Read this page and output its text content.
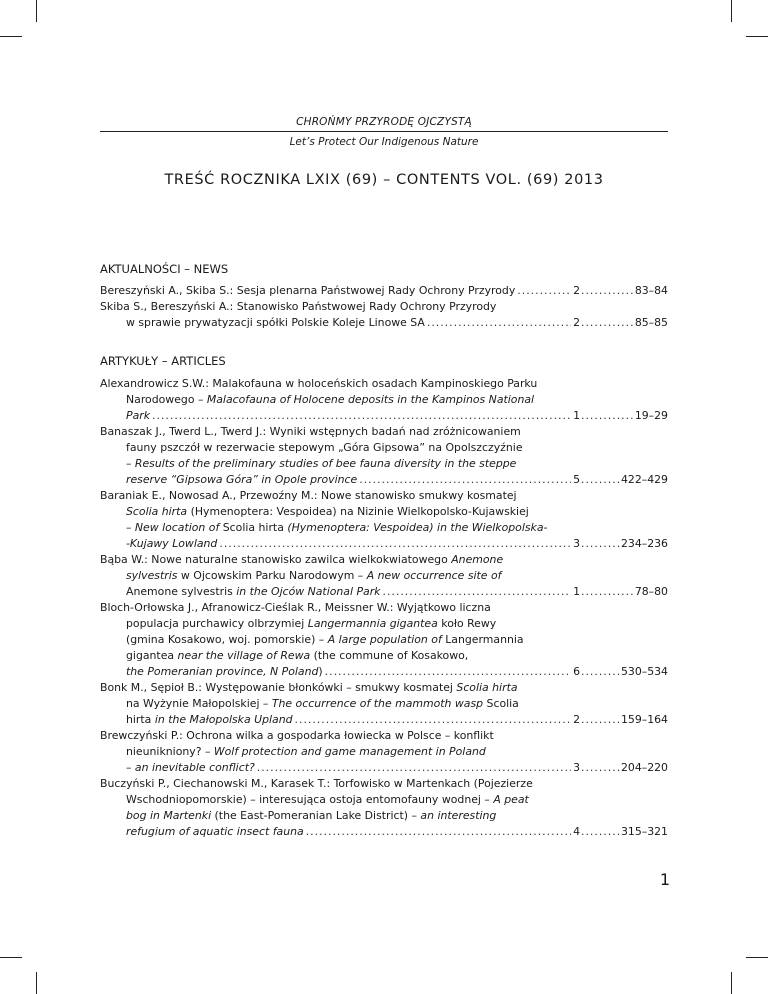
CHROŃMY PRZYRODĘ OJCZYSTĄ
Let’s Protect Our Indigenous Nature
TREŚĆ ROCZNIKA LXIX (69) – CONTENTS VOL. (69) 2013
AKTUALNOŚCI – NEWS
Bereszyński A., Skiba S.: Sesja plenarna Państwowej Rady Ochrony Przyrody .....	2 .....	83–84
Skiba S., Bereszyński A.: Stanowisko Państwowej Rady Ochrony Przyrody
w sprawie prywatyzacji spółki Polskie Koleje Linowe SA .....	2 .....	85–85
ARTYKUŁY – ARTICLES
Alexandrowicz S.W.: Malakofauna w holoceńskich osadach Kampinoskiego Parku
Narodowego – Malacofauna of Holocene deposits in the Kampinos National
Park .....	1 .....	19–29
Banaszak J., Twerd L., Twerd J.: Wyniki wstępnych badań nad zróżnicowaniem
fauny pszczół w rezerwacie stepowym „Góra Gipsowa” na Opolszczyźnie
– Results of the preliminary studies of bee fauna diversity in the steppe
reserve “Gipsowa Góra” in Opole province .....	5 .....	422–429
Baraniak E., Nowosad A., Przewoźny M.: Nowe stanowisko smukwy kosmatej
Scolia hirta (Hymenoptera: Vespoidea) na Nizinie Wielkopolsko-Kujawskiej
– New location of Scolia hirta (Hymenoptera: Vespoidea) in the Wielkopolska-
-Kujawy Lowland .....	3 .....	234–236
Bąba W.: Nowe naturalne stanowisko zawilca wielkokwiatowego Anemone
sylvestris w Ojcowskim Parku Narodowym – A new occurrence site of
Anemone sylvestris in the Ojców National Park .....	1 .....	78–80
Bloch-Orłowska J., Afranowicz-Cieślak R., Meissner W.: Wyjątkowo liczna
populacja purchawicy olbrzymiej Langermannia gigantea koło Rewy
(gmina Kosakowo, woj. pomorskie) – A large population of Langermannia
gigantea near the village of Rewa (the commune of Kosakowo,
the Pomeranian province, N Poland) .....	6 .....	530–534
Bonk M., Sępioł B.: Występowanie błonkówki – smukwy kosmatej Scolia hirta
na Wyżynie Małopolskiej – The occurrence of the mammoth wasp Scolia
hirta in the Małopolska Upland .....	2 .....	159–164
Brewczyński P.: Ochrona wilka a gospodarka łowiecka w Polsce – konflikt
nieunikniony? – Wolf protection and game management in Poland
– an inevitable conflict? .....	3 .....	204–220
Buczyński P., Ciechanowski M., Karasek T.: Torfowisko w Martenkach (Pojezierze
Wschodniopomorskie) – interesująca ostoja entomofauny wodnej – A peat
bog in Martenki (the East-Pomeranian Lake District) – an interesting
refugium of aquatic insect fauna .....	4 .....	315–321
1
